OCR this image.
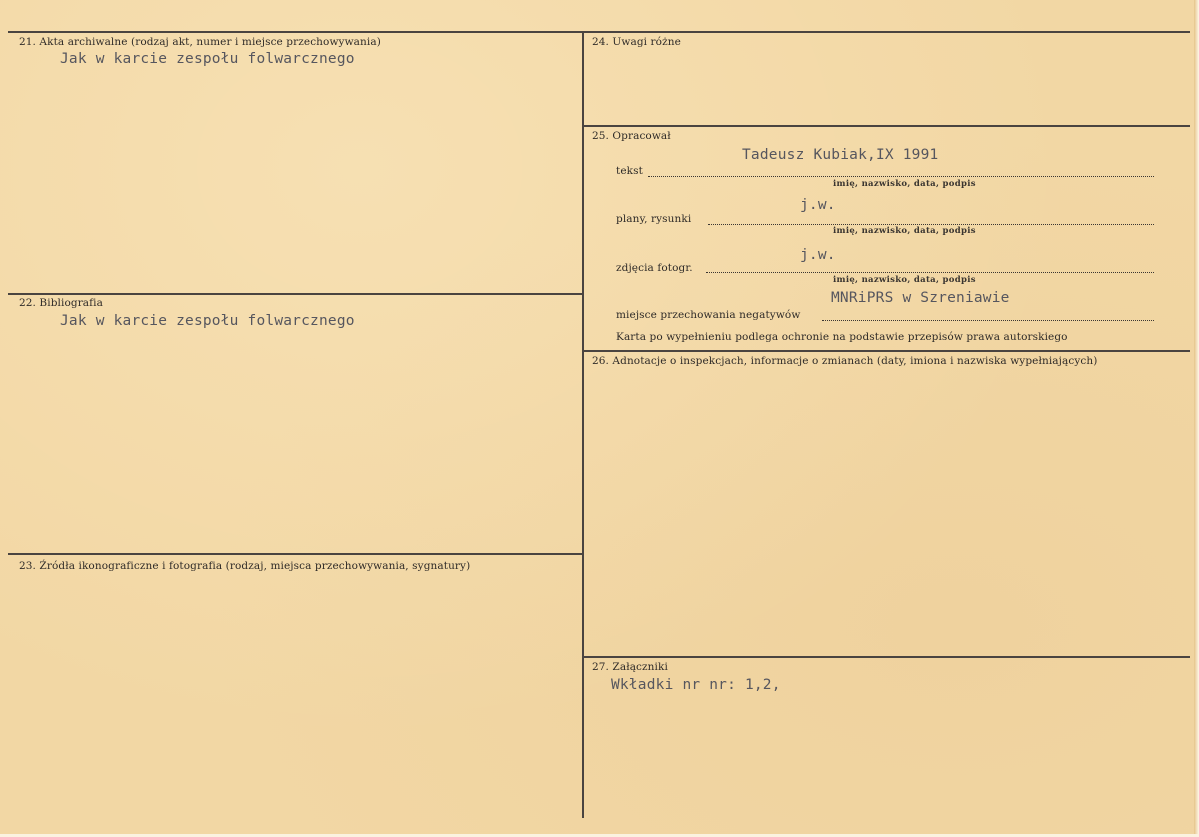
21. Akta archiwalne (rodzaj akt, numer i miejsce przechowywania)
Jak w karcie zespołu folwarcznego
22. Bibliografia
Jak w karcie zespołu folwarcznego
23. Źródła ikonograficzne i fotografia (rodzaj, miejsca przechowywania, sygnatury)
24. Uwagi różne
25. Opracował
Tadeusz Kubiak,IX 1991
tekst
imię, nazwisko, data, podpis
j.w.
plany, rysunki
imię, nazwisko, data, podpis
j.w.
zdjęcia fotogr.
imię, nazwisko, data, podpis
MNRiPRS w Szreniawie
miejsce przechowania negatywów
Karta po wypełnieniu podlega ochronie na podstawie przepisów prawa autorskiego
26. Adnotacje o inspekcjach, informacje o zmianach (daty, imiona i nazwiska wypełniających)
27. Załączniki
Wkładki nr nr: 1,2,
